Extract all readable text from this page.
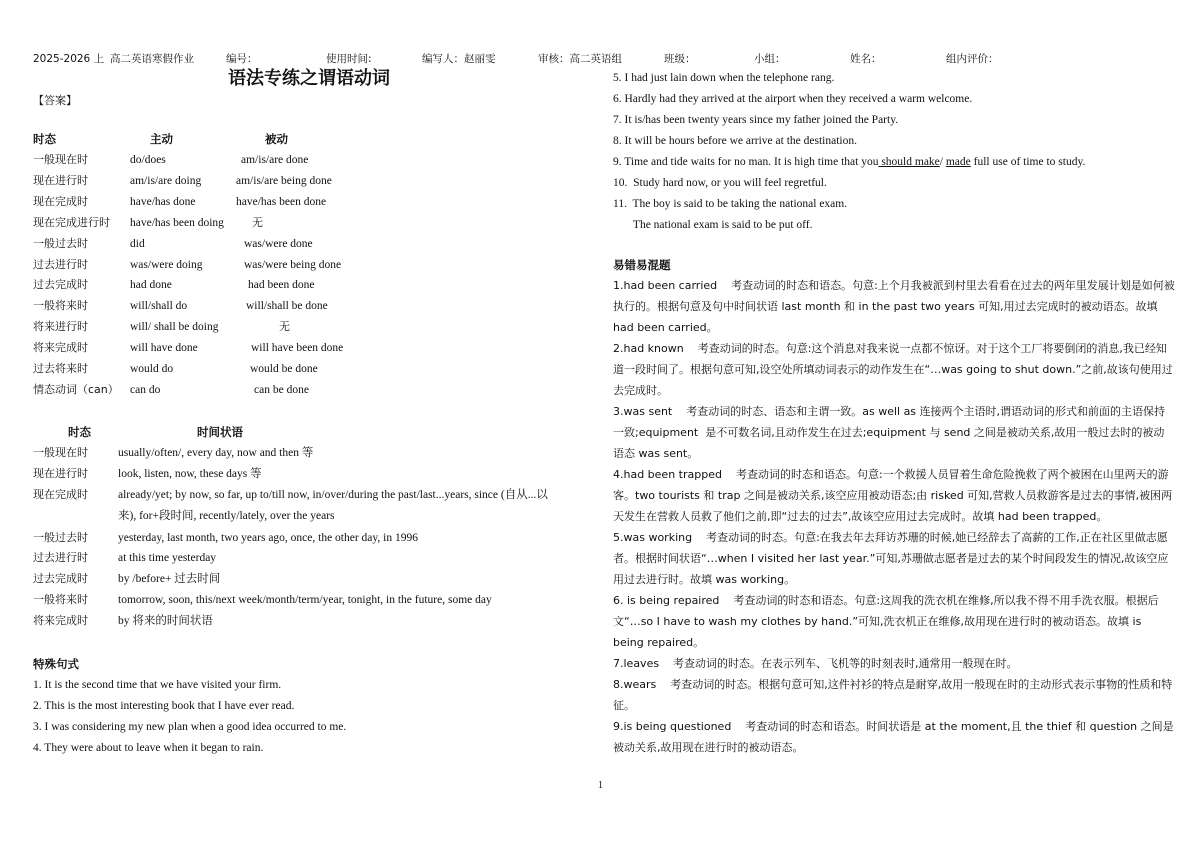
2025-2026 上 高二英语寒假作业	编号：	使用时间:	编写人：赵丽雯	审核：高二英语组	班级：	小组：	姓名：	组内评价：
语法专练之谓语动词
【答案】
时态	主动	被动
一般现在时	do/does	am/is/are done
现在进行时	am/is/are doing	am/is/are being done
现在完成时	have/has done	have/has been done
现在完成进行时 have/has been doing	无
一般过去时	did	was/were done
过去进行时	was/were doing	was/were being done
过去完成时	had done	had been done
一般将来时	will/shall do	will/shall be done
将来进行时	will/ shall be doing	无
将来完成时	will have done	will have been done
过去将来时	would do	would be done
情态动词（can） can do	can be done
时态	时间状语
一般现在时	usually/often/, every day, now and then 等
现在进行时	look, listen, now, these days 等
现在完成时	already/yet; by now, so far, up to/till now, in/over/during the past/last...years, since (自从...以
来), for+段时间, recently/lately, over the years
一般过去时	yesterday, last month, two years ago, once, the other day, in 1996
过去进行时	at this time yesterday
过去完成时	by /before+ 过去时间
一般将来时	tomorrow, soon, this/next week/month/term/year, tonight, in the future, some day
将来完成时	by 将来的时间状语
特殊句式
1. It is the second time that we have visited your firm.
2. This is the most interesting book that I have ever read.
3. I was considering my new plan when a good idea occurred to me.
4. They were about to leave when it began to rain.
5. I had just lain down when the telephone rang.
6. Hardly had they arrived at the airport when they received a warm welcome.
7. It is/has been twenty years since my father joined the Party.
8. It will be hours before we arrive at the destination.
9. Time and tide waits for no man. It is high time that you should make/ made full use of time to study.
10.  Study hard now, or you will feel regretful.
11.  The boy is said to be taking the national exam.
The national exam is said to be put off.
易错易混题

1.had been carried    考查动词的时态和语态。句意:上个月我被派到村里去看看在过去的两年里发展计划是如何被执行的。根据句意及句中时间状语 last month 和 in the past two years 可知,用过去完成时的被动语态。故填 had been carried。

2.had known    考查动词的时态。句意:这个消息对我来说一点都不惊讶。对于这个工厂将要倒闭的消息,我已经知道一段时间了。根据句意可知,设空处所填动词表示的动作发生在“…was going to shut down.”之前,故该句使用过去完成时。

3.was sent    考查动词的时态、语态和主谓一致。as well as 连接两个主语时,谓语动词的形式和前面的主语保持一致;equipment  是不可数名词,且动作发生在过去;equipment 与 send 之间是被动关系,故用一般过去时的被动语态 was sent。

4.had been trapped    考查动词的时态和语态。句意:一个救援人员冒着生命危险挽救了两个被困在山里两天的游客。two tourists 和 trap 之间是被动关系,该空应用被动语态;由 risked 可知,营救人员救游客是过去的事情,被困两天发生在营救人员救了他们之前,即“过去的过去”,故该空应用过去完成时。故填 had been trapped。

5.was working    考查动词的时态。句意:在我去年去拜访苏珊的时候,她已经辞去了高薪的工作,正在社区里做志愿者。根据时间状语“…when I visited her last year.”可知,苏珊做志愿者是过去的某个时间段发生的情况,故该空应用过去进行时。故填 was working。

6. is being repaired    考查动词的时态和语态。句意:这周我的洗衣机在维修,所以我不得不用手洗衣服。根据后文“…so I have to wash my clothes by hand.”可知,洗衣机正在维修,故用现在进行时的被动语态。故填 is being repaired。

7.leaves    考查动词的时态。在表示列车、飞机等的时刻表时,通常用一般现在时。

8.wears    考查动词的时态。根据句意可知,这件衬衫的特点是耐穿,故用一般现在时的主动形式表示事物的性质和特征。

9.is being questioned    考查动词的时态和语态。时间状语是 at the moment,且 the thief 和 question 之间是被动关系,故用现在进行时的被动语态。

1
